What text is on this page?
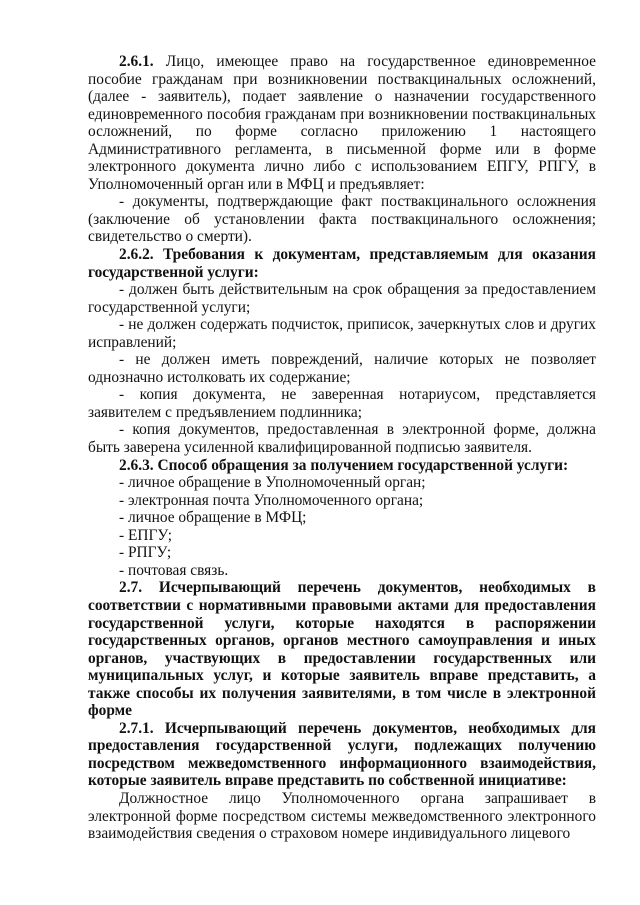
2.6.1. Лицо, имеющее право на государственное единовременное пособие гражданам при возникновении поствакцинальных осложнений, (далее - заявитель), подает заявление о назначении государственного единовременного пособия гражданам при возникновении поствакцинальных осложнений, по форме согласно приложению 1 настоящего Административного регламента, в письменной форме или в форме электронного документа лично либо с использованием ЕПГУ, РПГУ, в Уполномоченный орган или в МФЦ и предъявляет:

- документы, подтверждающие факт поствакцинального осложнения (заключение об установлении факта поствакцинального осложнения; свидетельство о смерти).

2.6.2. Требования к документам, представляемым для оказания государственной услуги:

- должен быть действительным на срок обращения за предоставлением государственной услуги;

- не должен содержать подчисток, приписок, зачеркнутых слов и других исправлений;

- не должен иметь повреждений, наличие которых не позволяет однозначно истолковать их содержание;

- копия документа, не заверенная нотариусом, представляется заявителем с предъявлением подлинника;

- копия документов, предоставленная в электронной форме, должна быть заверена усиленной квалифицированной подписью заявителя.

2.6.3. Способ обращения за получением государственной услуги:

- личное обращение в Уполномоченный орган;

- электронная почта Уполномоченного органа;

- личное обращение в МФЦ;

- ЕПГУ;

- РПГУ;

- почтовая связь.

2.7. Исчерпывающий перечень документов, необходимых в соответствии с нормативными правовыми актами для предоставления государственной услуги, которые находятся в распоряжении государственных органов, органов местного самоуправления и иных органов, участвующих в предоставлении государственных или муниципальных услуг, и которые заявитель вправе представить, а также способы их получения заявителями, в том числе в электронной форме

2.7.1. Исчерпывающий перечень документов, необходимых для предоставления государственной услуги, подлежащих получению посредством межведомственного информационного взаимодействия, которые заявитель вправе представить по собственной инициативе:

Должностное лицо Уполномоченного органа запрашивает в электронной форме посредством системы межведомственного электронного взаимодействия сведения о страховом номере индивидуального лицевого
